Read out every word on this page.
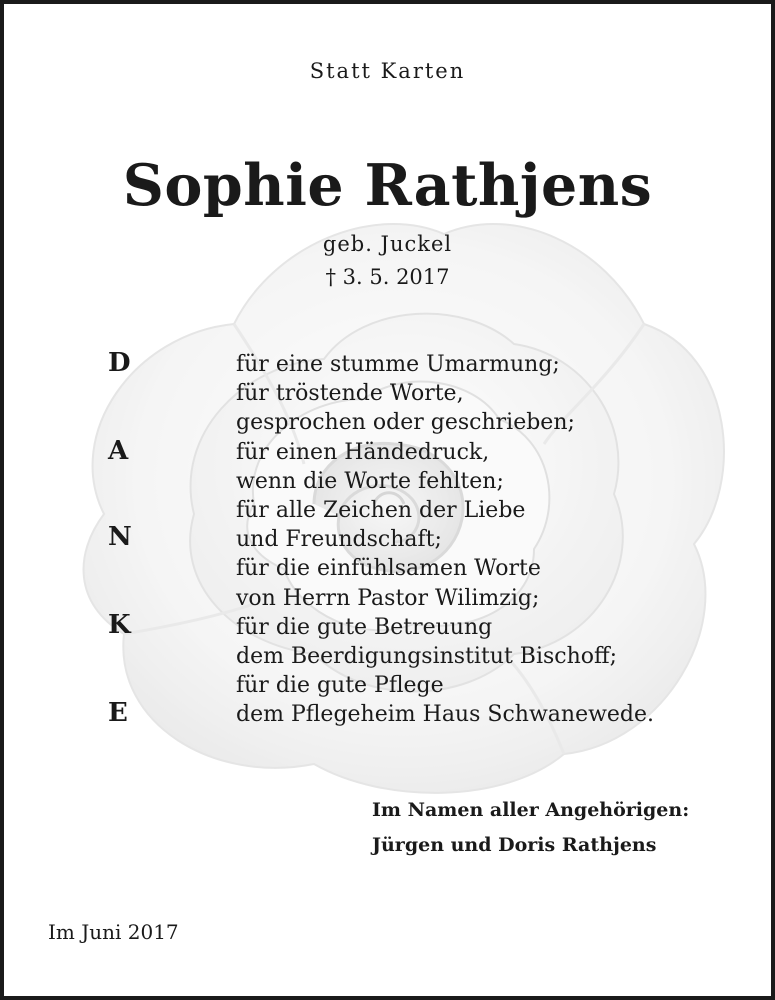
Statt Karten
Sophie Rathjens
geb. Juckel
† 3. 5. 2017
D
A
N
K
E
für eine stumme Umarmung;
für tröstende Worte,
gesprochen oder geschrieben;
für einen Händedruck,
wenn die Worte fehlten;
für alle Zeichen der Liebe
und Freundschaft;
für die einfühlsamen Worte
von Herrn Pastor Wilimzig;
für die gute Betreuung
dem Beerdigungsinstitut Bischoff;
für die gute Pflege
dem Pflegeheim Haus Schwanewede.
Im Namen aller Angehörigen:
Jürgen und Doris Rathjens
Im Juni 2017
